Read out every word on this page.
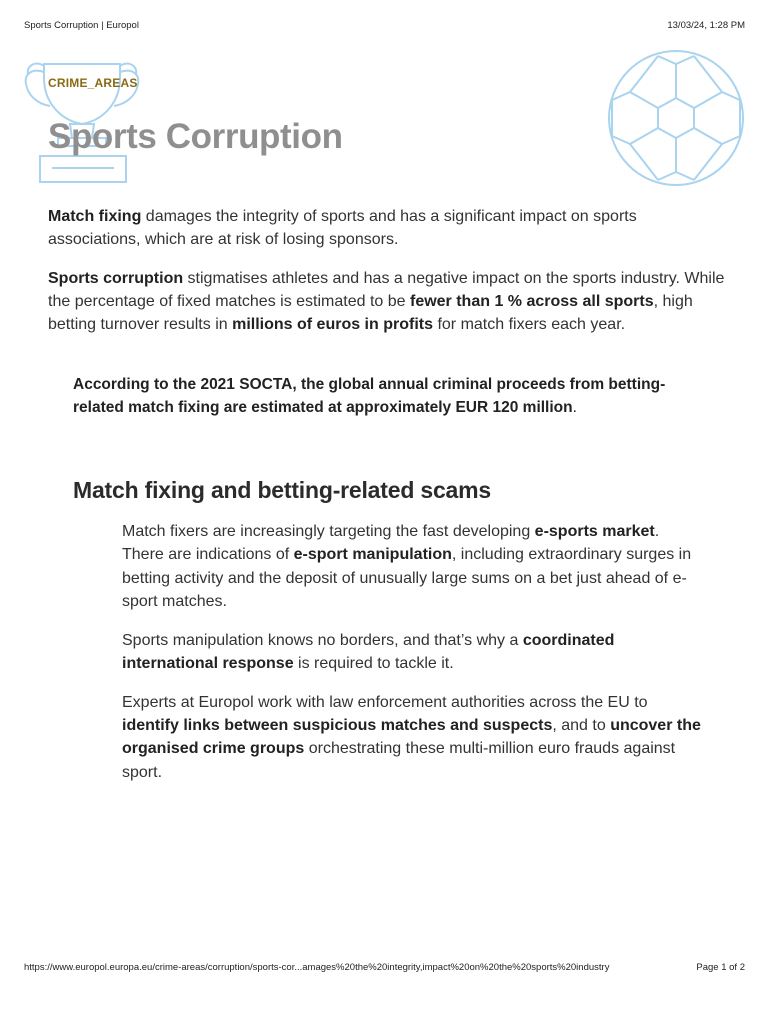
Sports Corruption | Europol	13/03/24, 1:28 PM
CRIME_AREAS
Sports Corruption

Match fixing damages the integrity of sports and has a significant impact on sports associations, which are at risk of losing sponsors.

Sports corruption stigmatises athletes and has a negative impact on the sports industry. While the percentage of fixed matches is estimated to be fewer than 1 % across all sports, high betting turnover results in millions of euros in profits for match fixers each year.

According to the 2021 SOCTA, the global annual criminal proceeds from betting-related match fixing are estimated at approximately EUR 120 million.
Match fixing and betting-related scams

Match fixers are increasingly targeting the fast developing e-sports market. There are indications of e-sport manipulation, including extraordinary surges in betting activity and the deposit of unusually large sums on a bet just ahead of e-sport matches.

Sports manipulation knows no borders, and that’s why a coordinated international response is required to tackle it.

Experts at Europol work with law enforcement authorities across the EU to identify links between suspicious matches and suspects, and to uncover the organised crime groups orchestrating these multi-million euro frauds against sport.

https://www.europol.europa.eu/crime-areas/corruption/sports-cor...amages%20the%20integrity,impact%20on%20the%20sports%20industry	Page 1 of 2
